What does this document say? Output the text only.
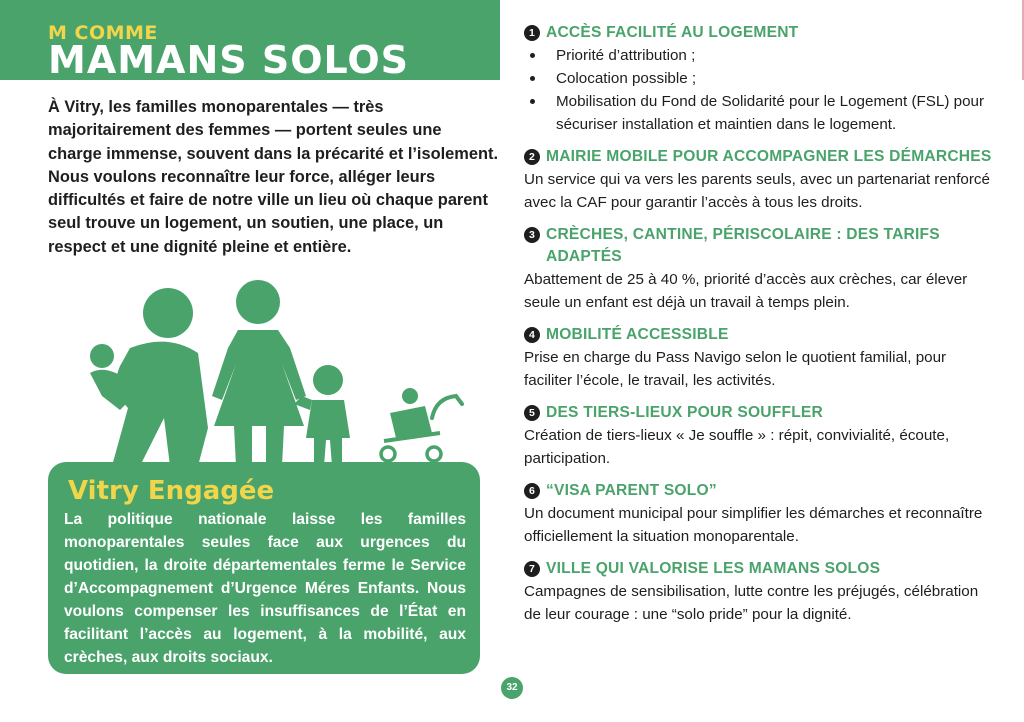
M COMME

MAMANS SOLOS

À Vitry, les familles monoparentales — très majoritairement des femmes — portent seules une charge immense, souvent dans la précarité et l’isolement. Nous voulons reconnaître leur force, alléger leurs difficultés et faire de notre ville un lieu où chaque parent seul trouve un logement, un soutien, une place, un respect et une dignité pleine et entière.

Vitry Engagée

La politique nationale laisse les familles monoparentales seules face aux urgences du quotidien, la droite départementales ferme le Service d’Accompagnement d’Urgence Méres Enfants. Nous voulons compenser les insuffisances de l’État en facilitant l’accès au logement, à la mobilité, aux crèches, aux droits sociaux.

32
1 ACCÈS FACILITÉ AU LOGEMENT
Priorité d’attribution ;
Colocation possible ;
Mobilisation du Fond de Solidarité pour le Logement (FSL) pour sécuriser installation et maintien dans le logement.
2 MAIRIE MOBILE POUR ACCOMPAGNER LES DÉMARCHES

Un service qui va vers les parents seuls, avec un partenariat renforcé avec la CAF pour garantir l’accès à tous les droits.

3 CRÈCHES, CANTINE, PÉRISCOLAIRE : DES TARIFS ADAPTÉS

Abattement de 25 à 40 %, priorité d’accès aux crèches, car élever seule un enfant est déjà un travail à temps plein.

4 MOBILITÉ ACCESSIBLE

Prise en charge du Pass Navigo selon le quotient familial, pour faciliter l’école, le travail, les activités.

5 DES TIERS-LIEUX POUR SOUFFLER

Création de tiers-lieux « Je souffle » : répit, convivialité, écoute, participation.

6 “VISA PARENT SOLO”

Un document municipal pour simplifier les démarches et reconnaître officiellement la situation monoparentale.

7 VILLE QUI VALORISE LES MAMANS SOLOS

Campagnes de sensibilisation, lutte contre les préjugés, célébration de leur courage : une “solo pride” pour la dignité.
